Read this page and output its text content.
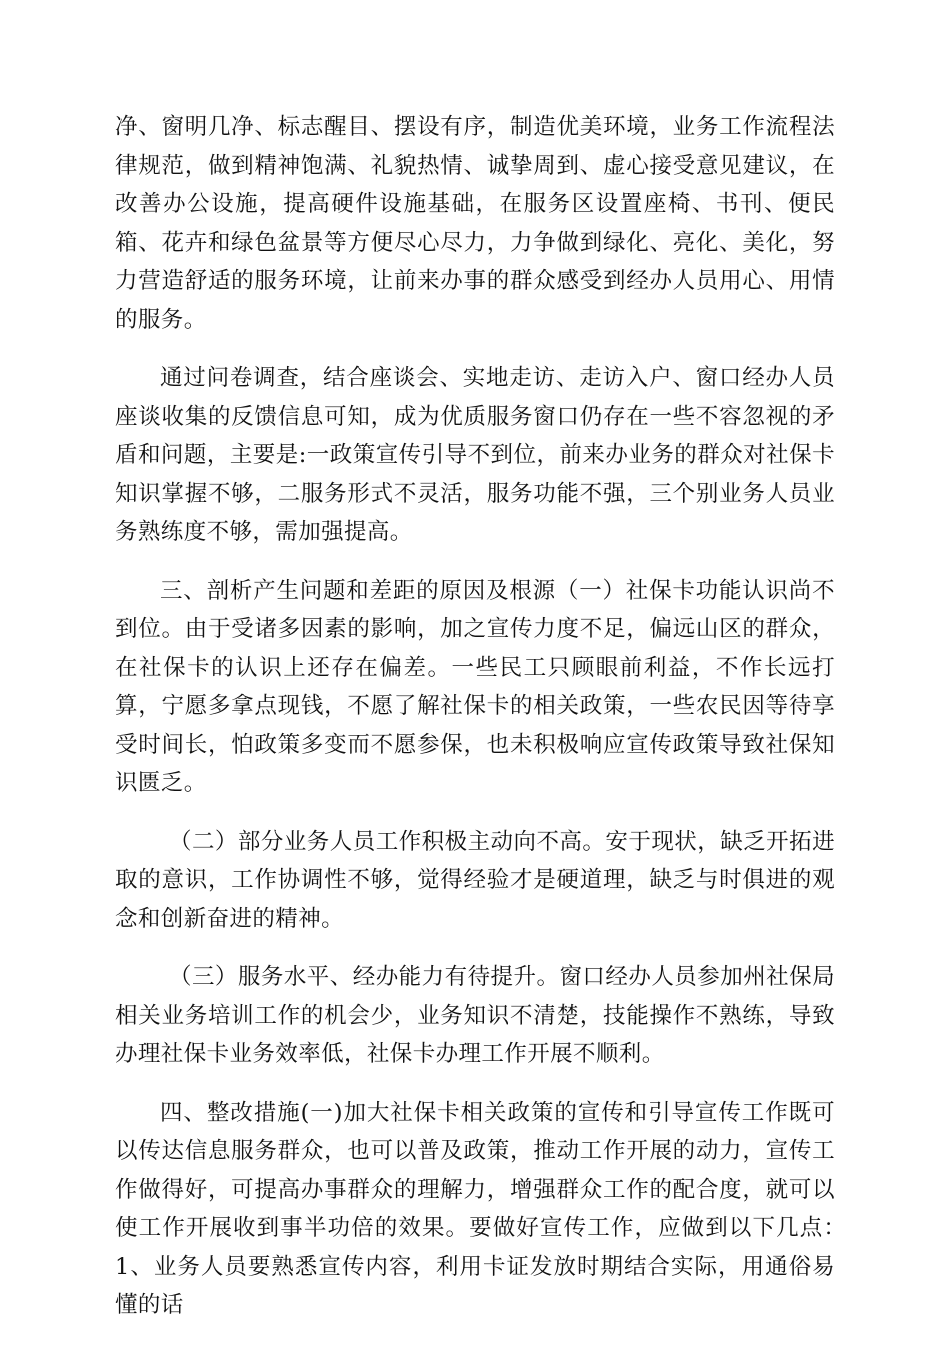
净、窗明几净、标志醒目、摆设有序，制造优美环境，业务工作流程法律规范，做到精神饱满、礼貌热情、诚挚周到、虚心接受意见建议，在改善办公设施，提高硬件设施基础，在服务区设置座椅、书刊、便民箱、花卉和绿色盆景等方便尽心尽力，力争做到绿化、亮化、美化，努力营造舒适的服务环境，让前来办事的群众感受到经办人员用心、用情的服务。

通过问卷调查，结合座谈会、实地走访、走访入户、窗口经办人员座谈收集的反馈信息可知，成为优质服务窗口仍存在一些不容忽视的矛盾和问题，主要是:一政策宣传引导不到位，前来办业务的群众对社保卡知识掌握不够，二服务形式不灵活，服务功能不强，三个别业务人员业务熟练度不够，需加强提高。

三、剖析产生问题和差距的原因及根源（一）社保卡功能认识尚不到位。由于受诸多因素的影响，加之宣传力度不足，偏远山区的群众，在社保卡的认识上还存在偏差。一些民工只顾眼前利益，不作长远打算，宁愿多拿点现钱，不愿了解社保卡的相关政策，一些农民因等待享受时间长，怕政策多变而不愿参保，也未积极响应宣传政策导致社保知识匮乏。

（二）部分业务人员工作积极主动向不高。安于现状，缺乏开拓进取的意识，工作协调性不够，觉得经验才是硬道理，缺乏与时俱进的观念和创新奋进的精神。

（三）服务水平、经办能力有待提升。窗口经办人员参加州社保局相关业务培训工作的机会少，业务知识不清楚，技能操作不熟练，导致办理社保卡业务效率低，社保卡办理工作开展不顺利。

四、整改措施(一)加大社保卡相关政策的宣传和引导宣传工作既可以传达信息服务群众，也可以普及政策，推动工作开展的动力，宣传工作做得好，可提高办事群众的理解力，增强群众工作的配合度，就可以使工作开展收到事半功倍的效果。要做好宣传工作，应做到以下几点：　　1、业务人员要熟悉宣传内容，利用卡证发放时期结合实际，用通俗易懂的话
